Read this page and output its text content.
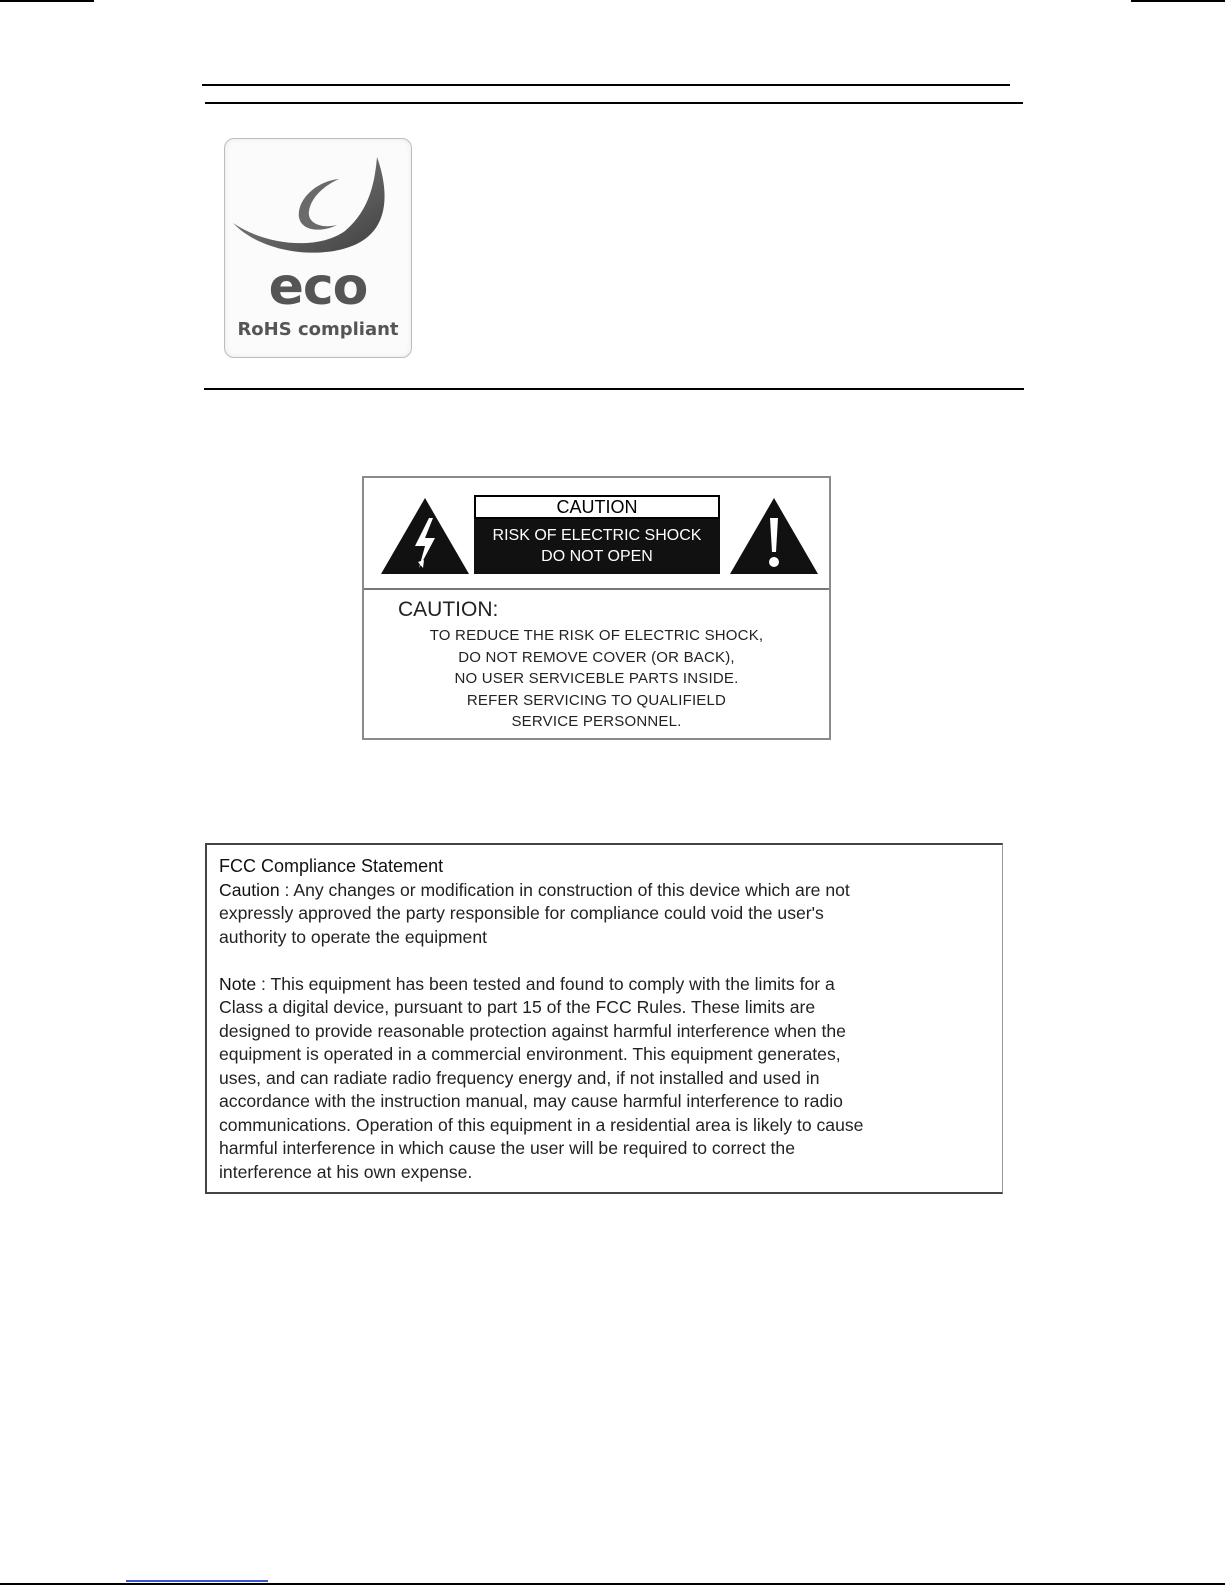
eco
RoHS compliant
CAUTION
RISK OF ELECTRIC SHOCK
DO NOT OPEN
CAUTION:
TO REDUCE THE RISK OF ELECTRIC SHOCK,
DO NOT REMOVE COVER (OR BACK),
NO USER SERVICEBLE PARTS INSIDE.
REFER SERVICING TO QUALIFIELD
SERVICE PERSONNEL.
FCC Compliance Statement
Caution : Any changes or modification in construction of this device which are not
expressly approved the party responsible for compliance could void the user's
authority to operate the equipment
Note : This equipment has been tested and found to comply with the limits for a
Class a digital device, pursuant to part 15 of the FCC Rules. These limits are
designed to provide reasonable protection against harmful interference when the
equipment is operated in a commercial environment. This equipment generates,
uses, and can radiate radio frequency energy and, if not installed and used in
accordance with the instruction manual, may cause harmful interference to radio
communications. Operation of this equipment in a residential area is likely to cause
harmful interference in which cause the user will be required to correct the
interference at his own expense.
